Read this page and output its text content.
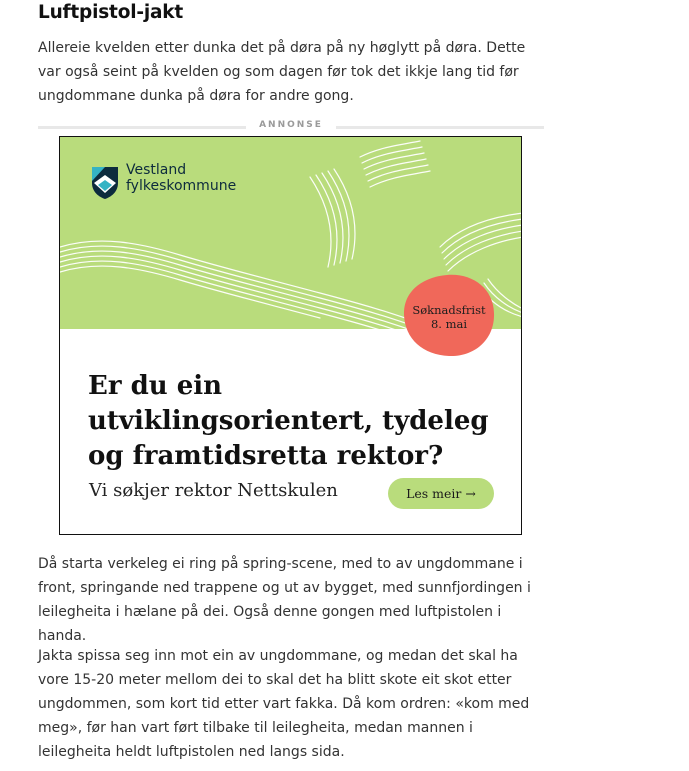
Luftpistol-jakt

Allereie kvelden etter dunka det på døra på ny høglytt på døra. Dette var også seint på kvelden og som dagen før tok det ikkje lang tid før ungdommane dunka på døra for andre gong.

ANNONSE
Vestland
fylkeskommune
Søknadsfrist
8. mai
Er du ein utviklingsorientert, tydeleg og framtidsretta rektor?
Vi søkjer rektor Nettskulen	Les meir →

Då starta verkeleg ei ring på spring-scene, med to av ungdommane i front, springande ned trappene og ut av bygget, med sunnfjordingen i leilegheita i hælane på dei. Også denne gongen med luftpistolen i handa.

Jakta spissa seg inn mot ein av ungdommane, og medan det skal ha vore 15-20 meter mellom dei to skal det ha blitt skote eit skot etter ungdommen, som kort tid etter vart fakka. Då kom ordren: «kom med meg», før han vart ført tilbake til leilegheita, medan mannen i leilegheita heldt luftpistolen ned langs sida.
